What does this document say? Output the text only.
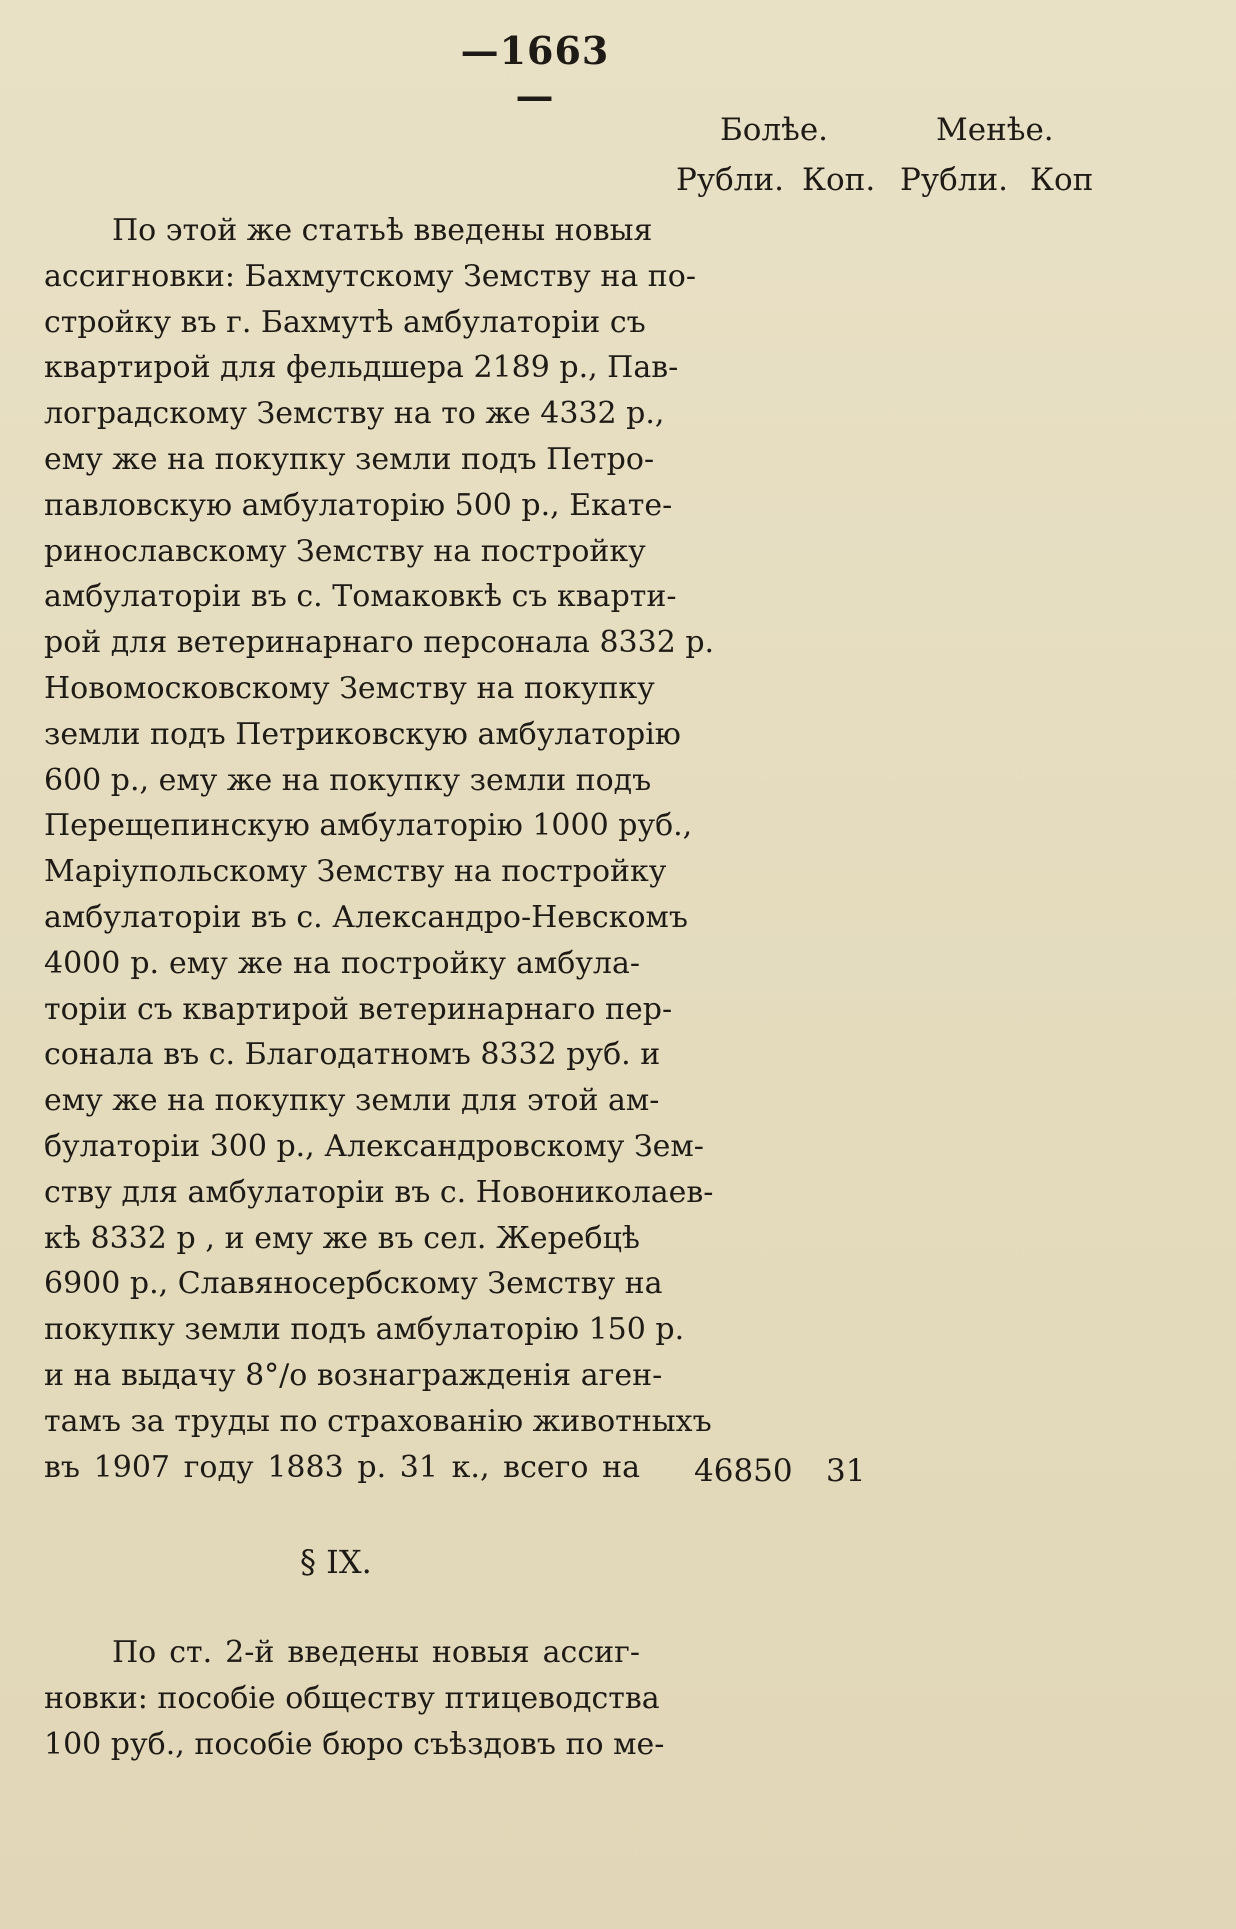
—1663—
Болѣе.	Менѣе.
Рубли. Коп. Рубли. Коп
По этой же статьѣ введены новыя
ассигновки: Бахмутскому Земству на по-
стройку въ г. Бахмутѣ амбулаторіи съ
квартирой для фельдшера 2189 р., Пав-
лоградскому Земству на то же 4332 р.,
ему же на покупку земли подъ Петро-
павловскую амбулаторію 500 р., Екате-
ринославскому Земству на постройку
амбулаторіи въ с. Томаковкѣ съ кварти-
рой для ветеринарнаго персонала 8332 р.
Новомосковскому Земству на покупку
земли подъ Петриковскую амбулаторію
600 р., ему же на покупку земли подъ
Перещепинскую амбулаторію 1000 руб.,
Маріупольскому Земству на постройку
амбулаторіи въ с. Александро-Невскомъ
4000 р. ему же на постройку амбула-
торіи съ квартирой ветеринарнаго пер-
сонала въ с. Благодатномъ 8332 руб. и
ему же на покупку земли для этой ам-
булаторіи 300 р., Александровскому Зем-
ству для амбулаторіи въ с. Новониколаев-
кѣ 8332 р , и ему же въ сел. Жеребцѣ
6900 р., Славяносербскому Земству на
покупку земли подъ амбулаторію 150 р.
и на выдачу 8°/о вознагражденія аген-
тамъ за труды по страхованію животныхъ
въ 1907 году 1883 р. 31 к., всего на 46850 31
§ IX.
По ст. 2-й введены новыя ассиг-
новки: пособіе обществу птицеводства
100 руб., пособіе бюро съѣздовъ по ме-
